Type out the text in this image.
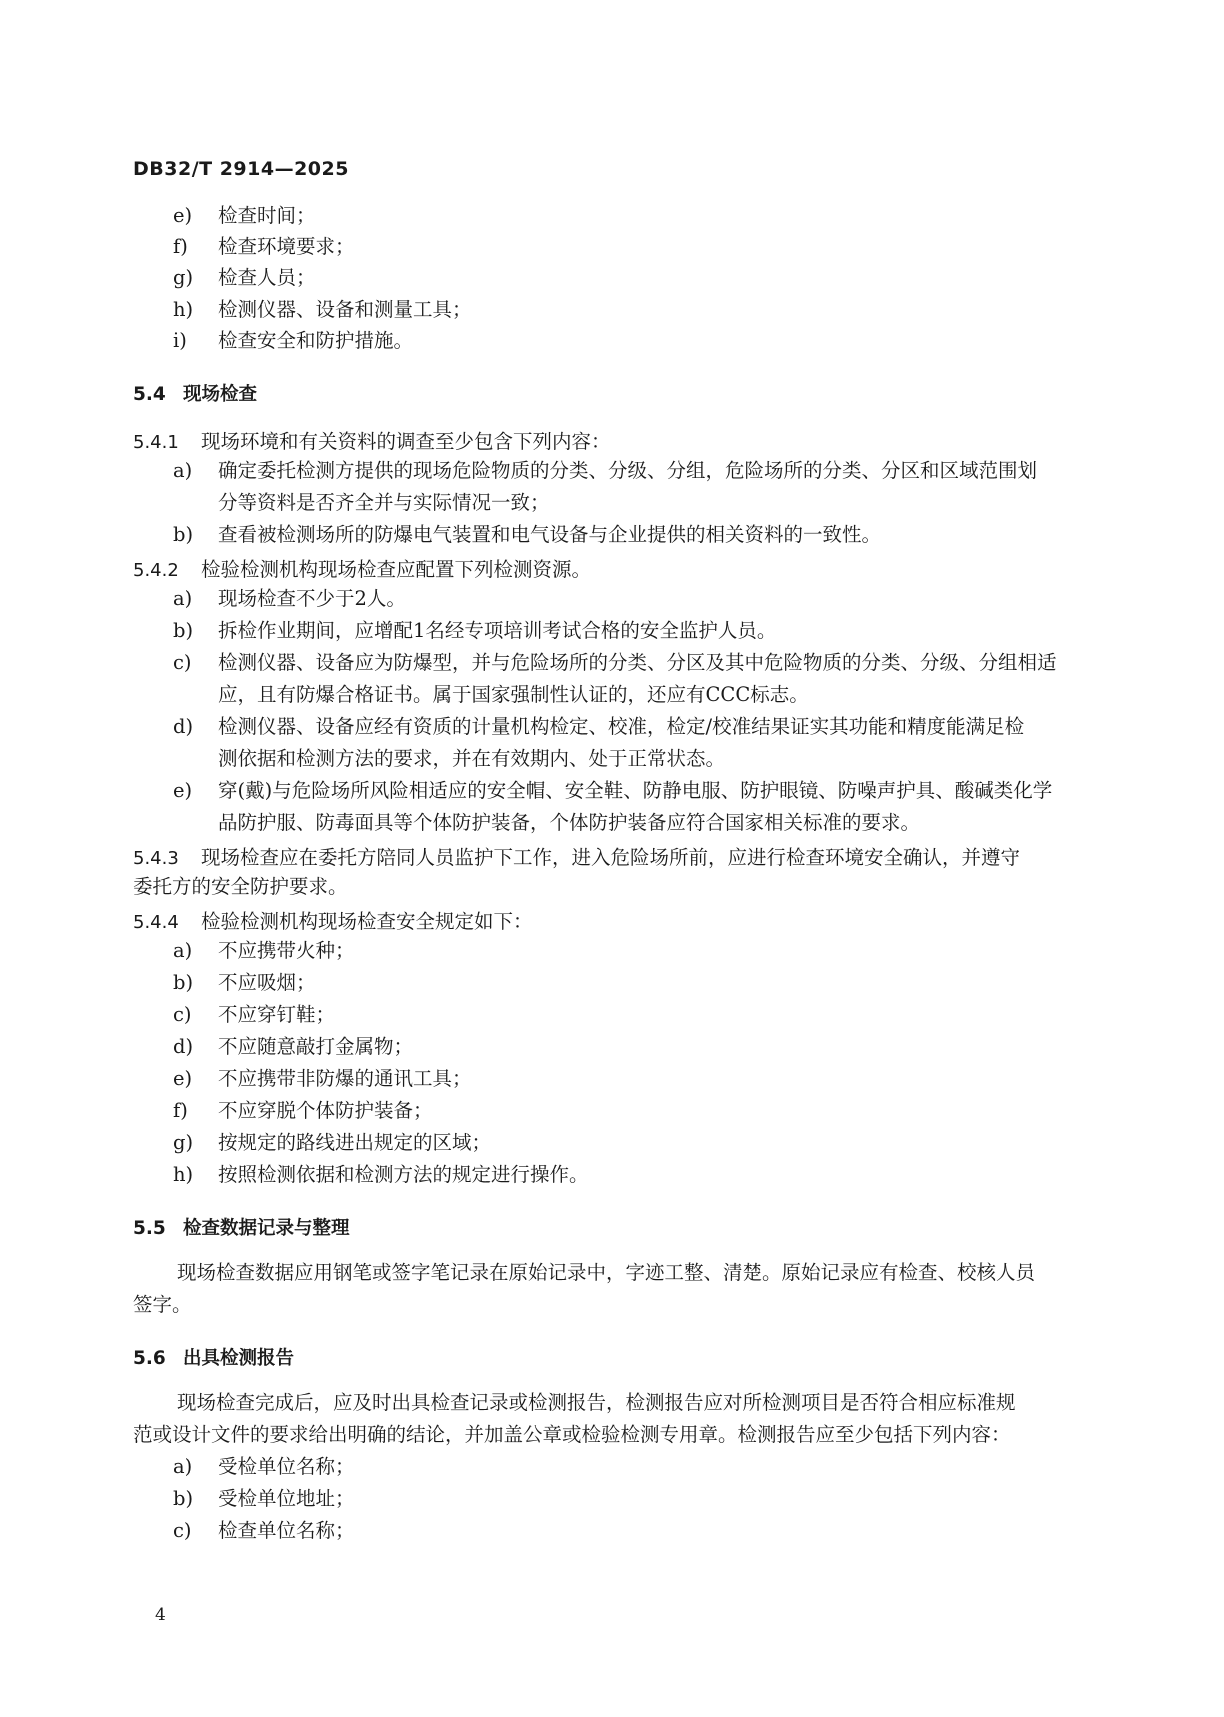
DB32/T 2914—2025
e) 检查时间；
f) 检查环境要求；
g) 检查人员；
h) 检测仪器、设备和测量工具；
i) 检查安全和防护措施。
5.4 现场检查
5.4.1 现场环境和有关资料的调查至少包含下列内容：
a) 确定委托检测方提供的现场危险物质的分类、分级、分组，危险场所的分类、分区和区域范围划
分等资料是否齐全并与实际情况一致；
b) 查看被检测场所的防爆电气装置和电气设备与企业提供的相关资料的一致性。
5.4.2 检验检测机构现场检查应配置下列检测资源。
a) 现场检查不少于2人。
b) 拆检作业期间，应增配1名经专项培训考试合格的安全监护人员。
c) 检测仪器、设备应为防爆型，并与危险场所的分类、分区及其中危险物质的分类、分级、分组相适
应，且有防爆合格证书。属于国家强制性认证的，还应有CCC标志。
d) 检测仪器、设备应经有资质的计量机构检定、校准，检定/校准结果证实其功能和精度能满足检
测依据和检测方法的要求，并在有效期内、处于正常状态。
e) 穿(戴)与危险场所风险相适应的安全帽、安全鞋、防静电服、防护眼镜、防噪声护具、酸碱类化学
品防护服、防毒面具等个体防护装备，个体防护装备应符合国家相关标准的要求。
5.4.3 现场检查应在委托方陪同人员监护下工作，进入危险场所前，应进行检查环境安全确认，并遵守
委托方的安全防护要求。
5.4.4 检验检测机构现场检查安全规定如下：
a) 不应携带火种；
b) 不应吸烟；
c) 不应穿钉鞋；
d) 不应随意敲打金属物；
e) 不应携带非防爆的通讯工具；
f) 不应穿脱个体防护装备；
g) 按规定的路线进出规定的区域；
h) 按照检测依据和检测方法的规定进行操作。
5.5 检查数据记录与整理
现场检查数据应用钢笔或签字笔记录在原始记录中，字迹工整、清楚。原始记录应有检查、校核人员
签字。
5.6 出具检测报告
现场检查完成后，应及时出具检查记录或检测报告，检测报告应对所检测项目是否符合相应标准规
范或设计文件的要求给出明确的结论，并加盖公章或检验检测专用章。检测报告应至少包括下列内容：
a) 受检单位名称；
b) 受检单位地址；
c) 检查单位名称；
4
